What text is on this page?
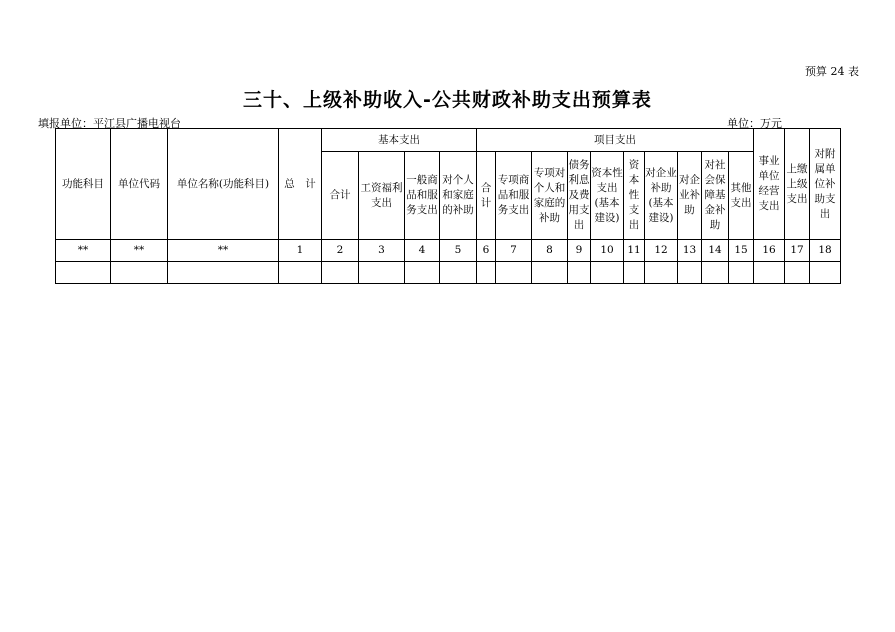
预算 24 表
三十、上级补助收入-公共财政补助支出预算表
填报单位：平江县广播电视台	单位：万元
功能科目	单位代码	单位名称(功能科目)	总　计	基本支出				项目支出										事业单位经营支出	上缴上级支出	对附属单位补助支出
				合计	工资福利支出	一般商品和服务支出	对个人和家庭的补助	合计	专项商品和服务支出	专项对个人和家庭的补助	债务利息及费用支出	资本性支出(基本建设)	资本性支出	对企业补助(基本建设)	对企业补助	对社会保障基金补助	其他支出			
**	**	**	1	2	3	4	5	6	7	8	9	10	11	12	13	14	15	16	17	18
